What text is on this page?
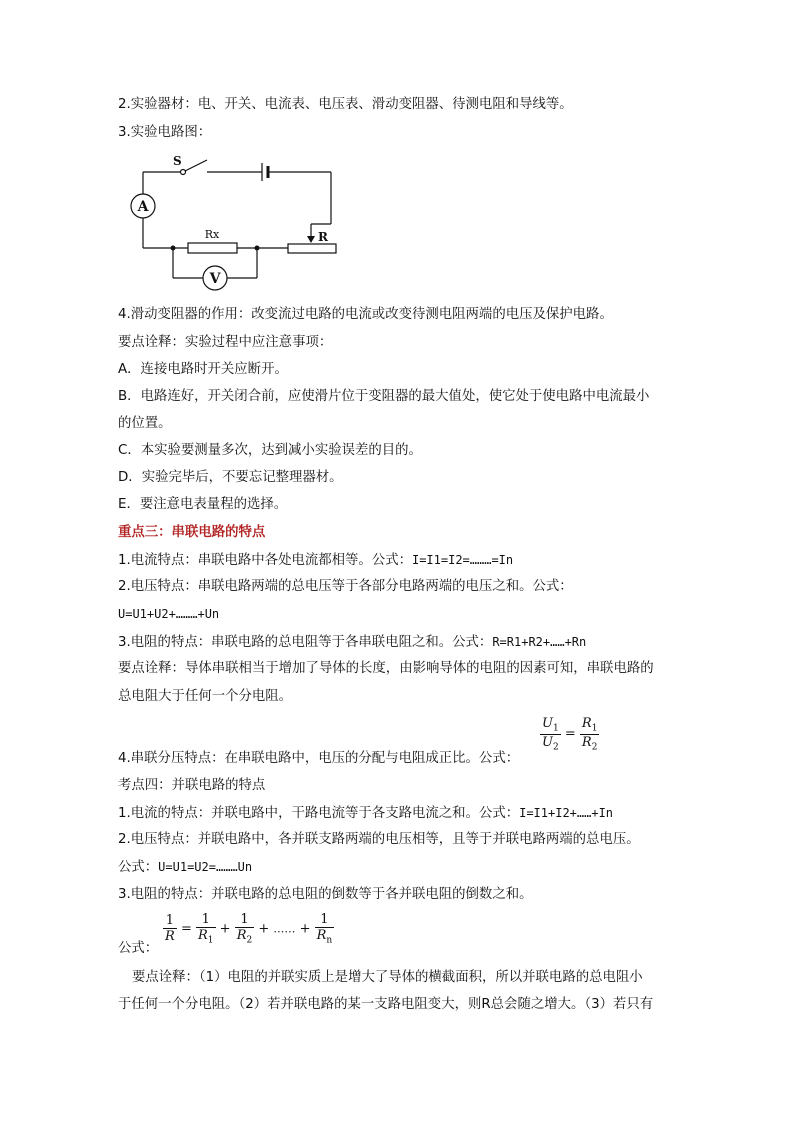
2.实验器材：电、开关、电流表、电压表、滑动变阻器、待测电阻和导线等。
3.实验电路图：
S
A
V
Rx	R
4.滑动变阻器的作用：改变流过电路的电流或改变待测电阻两端的电压及保护电路。
要点诠释：实验过程中应注意事项：
A．连接电路时开关应断开。
B．电路连好，开关闭合前，应使滑片位于变阻器的最大值处，使它处于使电路中电流最小
的位置。
C．本实验要测量多次，达到减小实验误差的目的。
D．实验完毕后，不要忘记整理器材。
E．要注意电表量程的选择。
重点三：串联电路的特点
1.电流特点：串联电路中各处电流都相等。公式：I=I1=I2=………=In
2.电压特点：串联电路两端的总电压等于各部分电路两端的电压之和。公式：
U=U1+U2+………+Un
3.电阻的特点：串联电路的总电阻等于各串联电阻之和。公式：R=R1+R2+……+Rn
要点诠释：导体串联相当于增加了导体的长度，由影响导体的电阻的因素可知，串联电路的
总电阻大于任何一个分电阻。
$\frac{U_1}{U_2} = \frac{R_1}{R_2}$
4.串联分压特点：在串联电路中，电压的分配与电阻成正比。公式：
考点四：并联电路的特点
1.电流的特点：并联电路中，干路电流等于各支路电流之和。公式：I=I1+I2+……+In
2.电压特点：并联电路中，各并联支路两端的电压相等，且等于并联电路两端的总电压。
公式：U=U1=U2=………Un
3.电阻的特点：并联电路的总电阻的倒数等于各并联电阻的倒数之和。
$\frac{1}{R} = \frac{1}{R_1} + \frac{1}{R_2}$ + …… + $\frac{1}{R_n}$
公式：
要点诠释：（1）电阻的并联实质上是增大了导体的横截面积，所以并联电路的总电阻小
于任何一个分电阻。（2）若并联电路的某一支路电阻变大，则R总会随之增大。（3）若只有
